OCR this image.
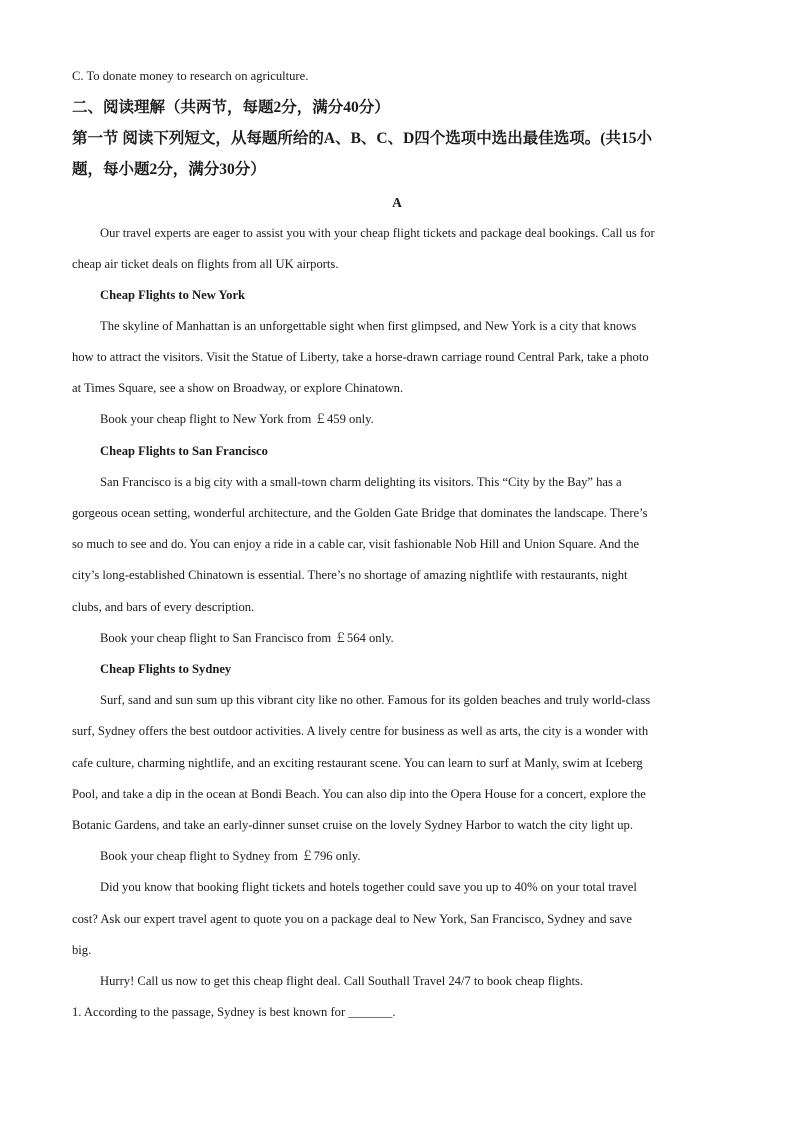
C. To donate money to research on agriculture.
二、阅读理解（共两节，每题2分，满分40分）
第一节 阅读下列短文，从每题所给的A、B、C、D四个选项中选出最佳选项。(共15小
题，每小题2分，满分30分）
A
Our travel experts are eager to assist you with your cheap flight tickets and package deal bookings. Call us for
cheap air ticket deals on flights from all UK airports.
Cheap Flights to New York
The skyline of Manhattan is an unforgettable sight when first glimpsed, and New York is a city that knows
how to attract the visitors. Visit the Statue of Liberty, take a horse-drawn carriage round Central Park, take a photo
at Times Square, see a show on Broadway, or explore Chinatown.
Book your cheap flight to New York from ￡459 only.
Cheap Flights to San Francisco
San Francisco is a big city with a small-town charm delighting its visitors. This “City by the Bay” has a
gorgeous ocean setting, wonderful architecture, and the Golden Gate Bridge that dominates the landscape. There’s
so much to see and do. You can enjoy a ride in a cable car, visit fashionable Nob Hill and Union Square. And the
city’s long-established Chinatown is essential. There’s no shortage of amazing nightlife with restaurants, night
clubs, and bars of every description.
Book your cheap flight to San Francisco from ￡564 only.
Cheap Flights to Sydney
Surf, sand and sun sum up this vibrant city like no other. Famous for its golden beaches and truly world-class
surf, Sydney offers the best outdoor activities. A lively centre for business as well as arts, the city is a wonder with
cafe culture, charming nightlife, and an exciting restaurant scene. You can learn to surf at Manly, swim at Iceberg
Pool, and take a dip in the ocean at Bondi Beach. You can also dip into the Opera House for a concert, explore the
Botanic Gardens, and take an early-dinner sunset cruise on the lovely Sydney Harbor to watch the city light up.
Book your cheap flight to Sydney from ￡796 only.
Did you know that booking flight tickets and hotels together could save you up to 40% on your total travel
cost? Ask our expert travel agent to quote you on a package deal to New York, San Francisco, Sydney and save
big.
Hurry! Call us now to get this cheap flight deal. Call Southall Travel 24/7 to book cheap flights.
1. According to the passage, Sydney is best known for _______.
